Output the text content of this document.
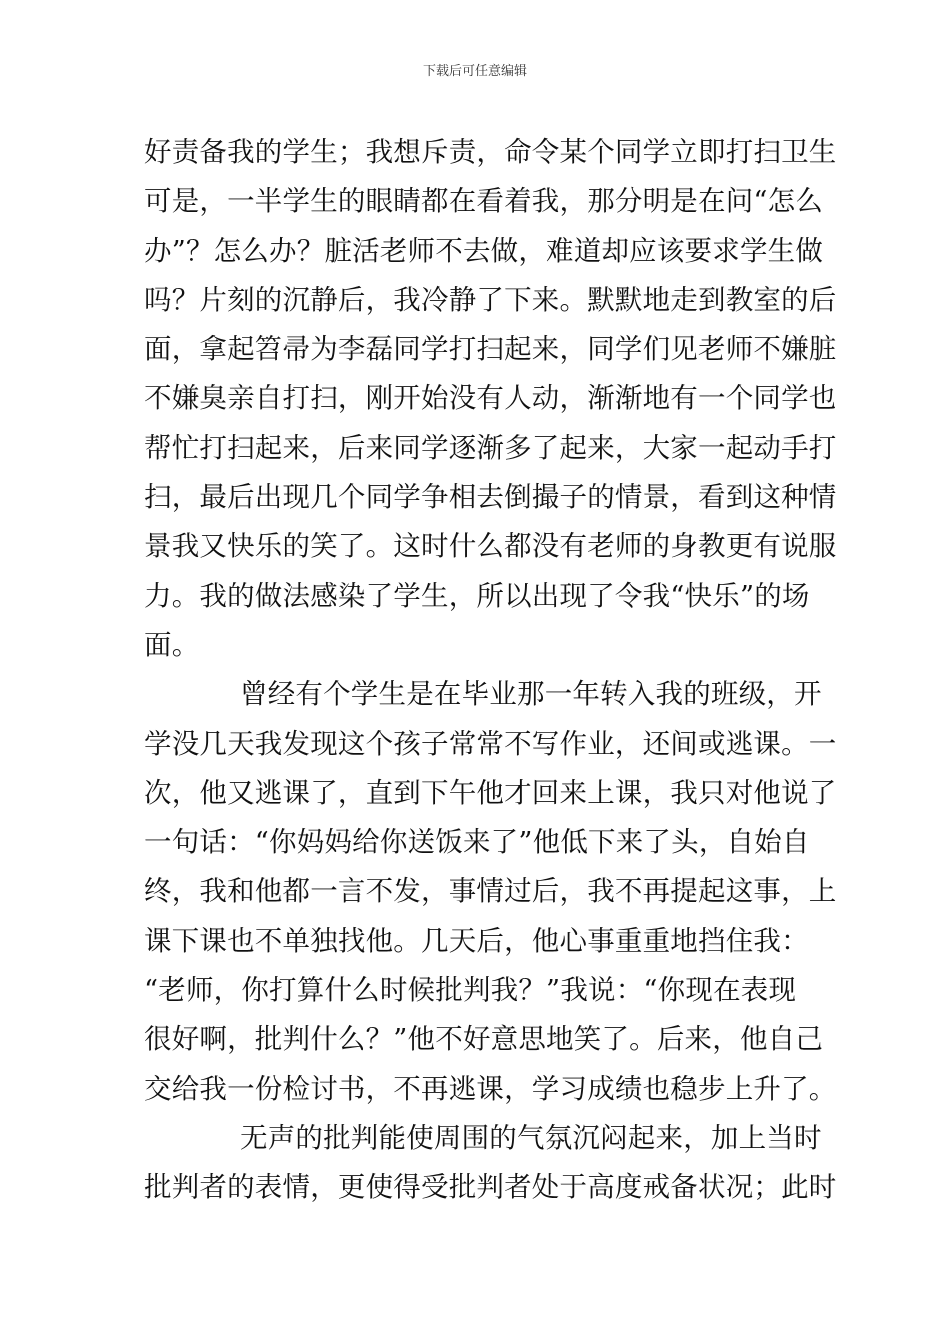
下载后可任意编辑
好责备我的学生；我想斥责，命令某个同学立即打扫卫生
可是，一半学生的眼睛都在看着我，那分明是在问“怎么
办”？怎么办？脏活老师不去做，难道却应该要求学生做
吗？片刻的沉静后，我冷静了下来。默默地走到教室的后
面，拿起笤帚为李磊同学打扫起来，同学们见老师不嫌脏
不嫌臭亲自打扫，刚开始没有人动，渐渐地有一个同学也
帮忙打扫起来，后来同学逐渐多了起来，大家一起动手打
扫，最后出现几个同学争相去倒撮子的情景，看到这种情
景我又快乐的笑了。这时什么都没有老师的身教更有说服
力。我的做法感染了学生，所以出现了令我“快乐”的场
面。
曾经有个学生是在毕业那一年转入我的班级，开
学没几天我发现这个孩子常常不写作业，还间或逃课。一
次，他又逃课了，直到下午他才回来上课，我只对他说了
一句话：“你妈妈给你送饭来了”他低下来了头，自始自
终，我和他都一言不发，事情过后，我不再提起这事，上
课下课也不单独找他。几天后，他心事重重地挡住我：
“老师，你打算什么时候批判我？”我说：“你现在表现
很好啊，批判什么？”他不好意思地笑了。后来，他自己
交给我一份检讨书，不再逃课，学习成绩也稳步上升了。
无声的批判能使周围的气氛沉闷起来，加上当时
批判者的表情，更使得受批判者处于高度戒备状况；此时
